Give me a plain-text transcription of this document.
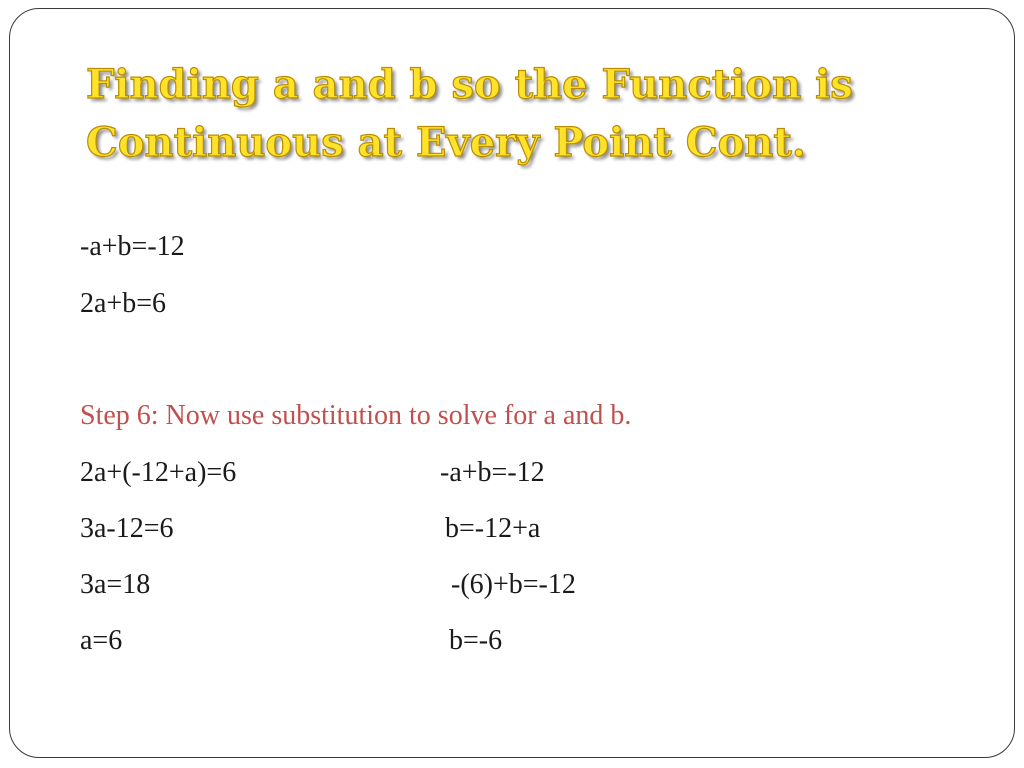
Finding a and b so the Function is Continuous at Every Point Cont.
-a+b=-12
2a+b=6
Step 6: Now use substitution to solve for a and b.
2a+(-12+a)=6
3a-12=6
3a=18
a=6
-a+b=-12
b=-12+a
-(6)+b=-12
b=-6
